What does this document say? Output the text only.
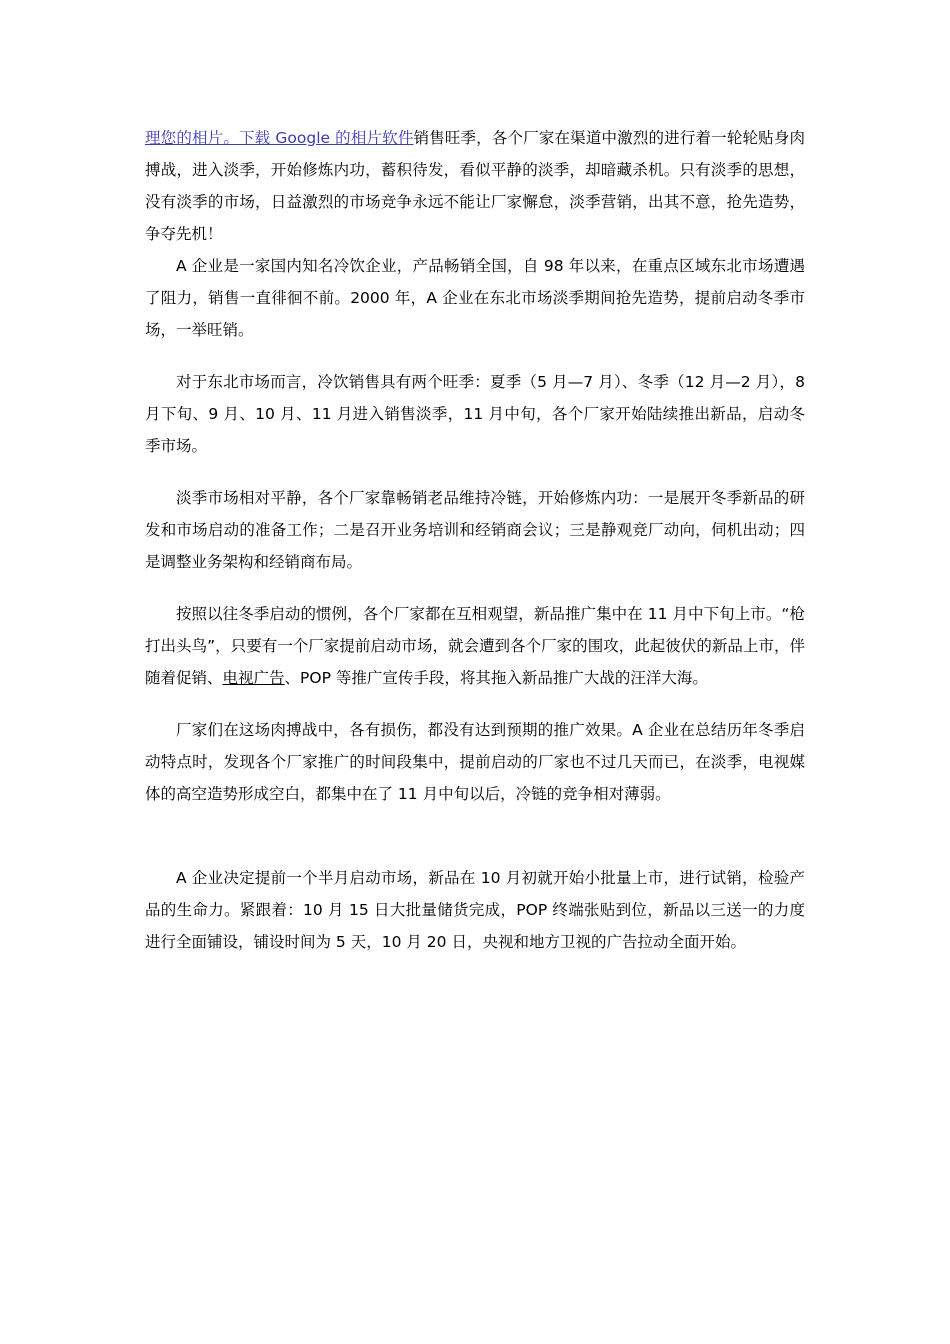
理您的相片。下载 Google 的相片软件销售旺季，各个厂家在渠道中激烈的进行着一轮轮贴身肉搏战，进入淡季，开始修炼内功，蓄积待发，看似平静的淡季，却暗藏杀机。只有淡季的思想，没有淡季的市场，日益激烈的市场竞争永远不能让厂家懈怠，淡季营销，出其不意，抢先造势，争夺先机！

A 企业是一家国内知名冷饮企业，产品畅销全国，自 98 年以来，在重点区域东北市场遭遇了阻力，销售一直徘徊不前。2000 年，A 企业在东北市场淡季期间抢先造势，提前启动冬季市场，一举旺销。

对于东北市场而言，冷饮销售具有两个旺季：夏季（5 月—7 月）、冬季（12 月—2 月），8 月下旬、9 月、10 月、11 月进入销售淡季，11 月中旬，各个厂家开始陆续推出新品，启动冬季市场。

淡季市场相对平静，各个厂家靠畅销老品维持冷链，开始修炼内功：一是展开冬季新品的研发和市场启动的准备工作；二是召开业务培训和经销商会议；三是静观竞厂动向，伺机出动；四是调整业务架构和经销商布局。

按照以往冬季启动的惯例，各个厂家都在互相观望，新品推广集中在 11 月中下旬上市。“枪打出头鸟”，只要有一个厂家提前启动市场，就会遭到各个厂家的围攻，此起彼伏的新品上市，伴随着促销、电视广告、POP 等推广宣传手段，将其拖入新品推广大战的汪洋大海。

厂家们在这场肉搏战中，各有损伤，都没有达到预期的推广效果。A 企业在总结历年冬季启动特点时，发现各个厂家推广的时间段集中，提前启动的厂家也不过几天而已，在淡季，电视媒体的高空造势形成空白，都集中在了 11 月中旬以后，冷链的竞争相对薄弱。

A 企业决定提前一个半月启动市场，新品在 10 月初就开始小批量上市，进行试销，检验产品的生命力。紧跟着：10 月 15 日大批量储货完成，POP 终端张贴到位，新品以三送一的力度进行全面铺设，铺设时间为 5 天，10 月 20 日，央视和地方卫视的广告拉动全面开始。
